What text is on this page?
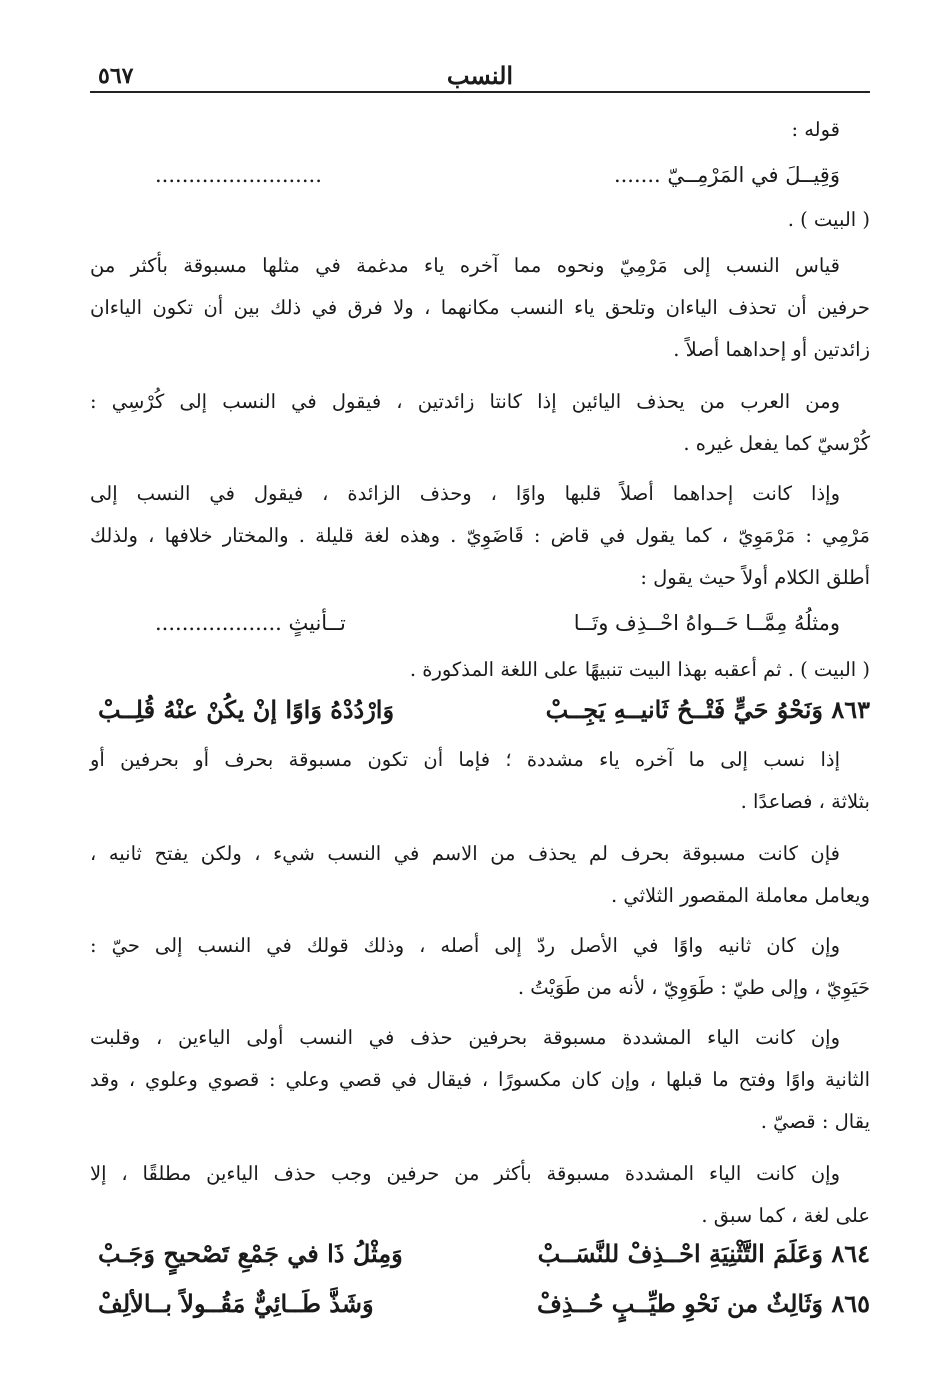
النسب
٥٦٧
قوله :
وَقِيــلَ في المَرْمِــيّ .......
.........................
( البيت ) .
قياس النسب إلى مَرْمِيّ ونحوه مما آخره ياء مدغمة في مثلها مسبوقة بأكثر من
حرفين أن تحذف الياءان وتلحق ياء النسب مكانهما ، ولا فرق في ذلك بين أن تكون الياءان
زائدتين أو إحداهما أصلاً .
ومن العرب من يحذف اليائين إذا كانتا زائدتين ، فيقول في النسب إلى كُرْسِي :
كُرْسيّ كما يفعل غيره .
وإذا كانت إحداهما أصلاً قلبها واوًا ، وحذف الزائدة ، فيقول في النسب إلى
مَرْمِي : مَرْمَوِيّ ، كما يقول في قاض : قَاضَوِيّ . وهذه لغة قليلة . والمختار خلافها ، ولذلك
أطلق الكلام أولاً حيث يقول :
ومثلُهُ مِمَّــا حَــواهُ احْــذِف وتَــا
تــأنيثٍ ...................
( البيت ) . ثم أعقبه بهذا البيت تنبيهًا على اللغة المذكورة .
٨٦٣ وَنَحْوُ حَيٍّ فَتْــحُ ثَانيــهِ يَجِــبْ
وَارْدُدْهُ وَاوًا إنْ يكُنْ عنْهُ قُلِــبْ
إذا نسب إلى ما آخره ياء مشددة ؛ فإما أن تكون مسبوقة بحرف أو بحرفين أو
بثلاثة ، فصاعدًا .
فإن كانت مسبوقة بحرف لم يحذف من الاسم في النسب شيء ، ولكن يفتح ثانيه ،
ويعامل معاملة المقصور الثلاثي .
وإن كان ثانيه واوًا في الأصل ردّ إلى أصله ، وذلك قولك في النسب إلى حيّ :
حَيَوِيّ ، وإلى طيّ : طَوَوِيّ ، لأنه من طَوَيْتُ .
وإن كانت الياء المشددة مسبوقة بحرفين حذف في النسب أولى الياءين ، وقلبت
الثانية واوًا وفتح ما قبلها ، وإن كان مكسورًا ، فيقال في قصي وعلي : قصوي وعلوي ، وقد
يقال : قصيّ .
وإن كانت الياء المشددة مسبوقة بأكثر من حرفين وجب حذف الياءين مطلقًا ، إلا
على لغة ، كما سبق .
٨٦٤ وَعَلَمَ التَّثْنِيَةِ احْــذِفْ للنَّسَــبْ
وَمِثْلُ ذَا في جَمْعِ تَصْحيحٍ وَجَـبْ
٨٦٥ وَثَالِثٌ من نَحْوِ طيِّــبٍ حُــذِفْ
وَشَذَّ طَــائِيٌّ مَقُــولاً بــالألِفْ
